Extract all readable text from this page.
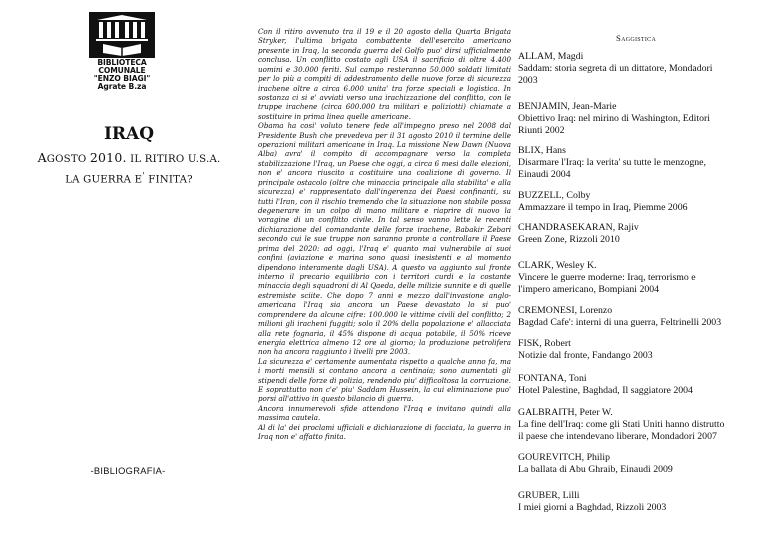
BIBLIOTECA
COMUNALE
"ENZO BIAGI"
Agrate B.za
IRAQ
AGOSTO 2010. IL RITIRO U.S.A.
LA GUERRA E' FINITA?
-BIBLIOGRAFIA-

Con il ritiro avvenuto tra il 19 e il 20 agosto della Quarta Brigata Stryker, l'ultima brigata combattente dell'esercito americano presente in Iraq, la seconda guerra del Golfo puo' dirsi ufficialmente conclusa. Un conflitto costato agli USA il sacrificio di oltre 4.400 uomini e 30.000 feriti. Sul campo resteranno 50.000 soldati limitati per lo più a compiti di addestramento delle nuove forze di sicurezza irachene oltre a circa 6.000 unita' tra forze speciali e logistica. In sostanza ci si e' avviati verso una irachizzazione del conflitto, con le truppe irachene (circa 600.000 tra militari e poliziotti) chiamate a sostituire in prima linea quelle americane.

Obama ha cosi' voluto tenere fede all'impegno preso nel 2008 dal Presidente Bush che prevedeva per il 31 agosto 2010 il termine delle operazioni militari americane in Iraq. La missione New Dawn (Nuova Alba) avra' il compito di accompagnare verso la completa stabilizzazione l'Iraq, un Paese che oggi, a circa 6 mesi dalle elezioni, non e' ancora riuscito a costituire una coalizione di governo. Il principale ostacolo (oltre che minaccia principale alla stabilita' e alla sicurezza) e' rappresentato dall'ingerenza dei Paesi confinanti, su tutti l'Iran, con il rischio tremendo che la situazione non stabile possa degenerare in un colpo di mano militare e riaprire di nuovo la voragine di un conflitto civile. In tal senso vanno lette le recenti dichiarazione del comandante delle forze irachene, Babakir Zebari secondo cui le sue truppe non saranno pronte a controllare il Paese prima del 2020: ad oggi, l'Iraq e' quanto mai vulnerabile ai suoi confini (aviazione e marina sono quasi inesistenti e al momento dipendono interamente dagli USA). A questo va aggiunto sul fronte interno il precario equilibrio con i territori curdi e la costante minaccia degli squadroni di Al Qaeda, delle milizie sunnite e di quelle estremiste sciite. Che dopo 7 anni e mezzo dall'invasione anglo-americana l'Iraq sia ancora un Paese devastato lo si puo' comprendere da alcune cifre: 100.000 le vittime civili del conflitto; 2 milioni gli iracheni fuggiti; solo il 20% della popolazione e' allacciata alla rete fognaria, il 45% dispone di acqua potabile, il 50% riceve energia elettrica almeno 12 ore al giorno; la produzione petrolifera non ha ancora raggiunto i livelli pre 2003.

La sicurezza e' certamente aumentata rispetto a qualche anno fa, ma i morti mensili si contano ancora a centinaia; sono aumentati gli stipendi delle forze di polizia, rendendo piu' difficoltosa la corruzione. E soprattutto non c'e' piu' Saddam Hussein, la cui eliminazione puo' porsi all'attivo in questo bilancio di guerra.

Ancora innumerevoli sfide attendono l'Iraq e invitano quindi alla massima cautela.

Al di la' dei proclami ufficiali e dichiarazione di facciata, la guerra in Iraq non e' affatto finita.

Saggistica
ALLAM, Magdi
Saddam: storia segreta di un dittatore, Mondadori
2003
BENJAMIN, Jean-Marie
Obiettivo Iraq: nel mirino di Washington, Editori
Riunti 2002
BLIX, Hans
Disarmare l'Iraq: la verita' su tutte le menzogne,
Einaudi 2004
BUZZELL, Colby
Ammazzare il tempo in Iraq, Piemme 2006
CHANDRASEKARAN, Rajiv
Green Zone, Rizzoli 2010
CLARK, Wesley K.
Vincere le guerre moderne: Iraq, terrorismo e
l'impero americano, Bompiani 2004
CREMONESI, Lorenzo
Bagdad Cafe': interni di una guerra, Feltrinelli 2003
FISK, Robert
Notizie dal fronte, Fandango 2003
FONTANA, Toni
Hotel Palestine, Baghdad, Il saggiatore 2004
GALBRAITH, Peter W.
La fine dell'Iraq: come gli Stati Uniti hanno distrutto
il paese che intendevano liberare, Mondadori 2007
GOUREVITCH, Philip
La ballata di Abu Ghraib, Einaudi 2009
GRUBER, Lilli
I miei giorni a Baghdad, Rizzoli 2003
